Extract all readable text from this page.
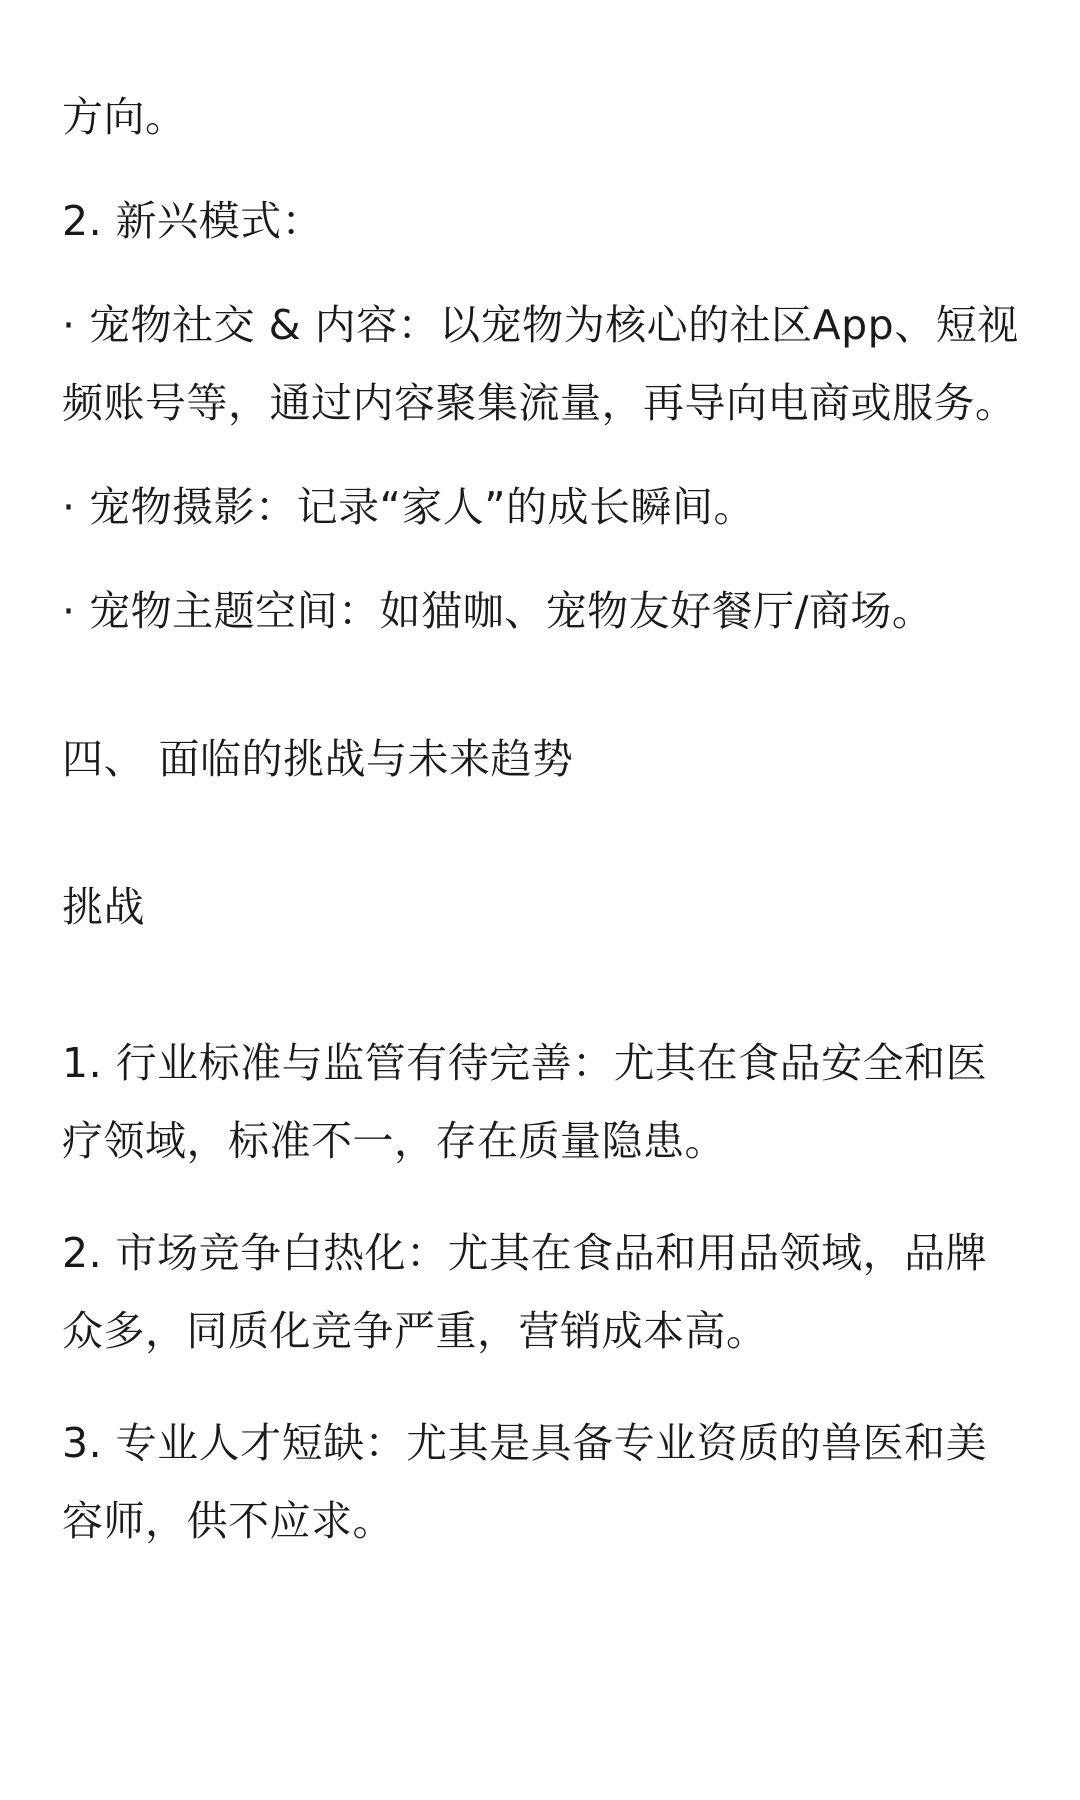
方向。

2. 新兴模式：

· 宠物社交 & 内容：以宠物为核心的社区App、短视频账号等，通过内容聚集流量，再导向电商或服务。

· 宠物摄影：记录“家人”的成长瞬间。

· 宠物主题空间：如猫咖、宠物友好餐厅/商场。

四、 面临的挑战与未来趋势

挑战

1. 行业标准与监管有待完善：尤其在食品安全和医疗领域，标准不一，存在质量隐患。

2. 市场竞争白热化：尤其在食品和用品领域，品牌众多，同质化竞争严重，营销成本高。

3. 专业人才短缺：尤其是具备专业资质的兽医和美容师，供不应求。
